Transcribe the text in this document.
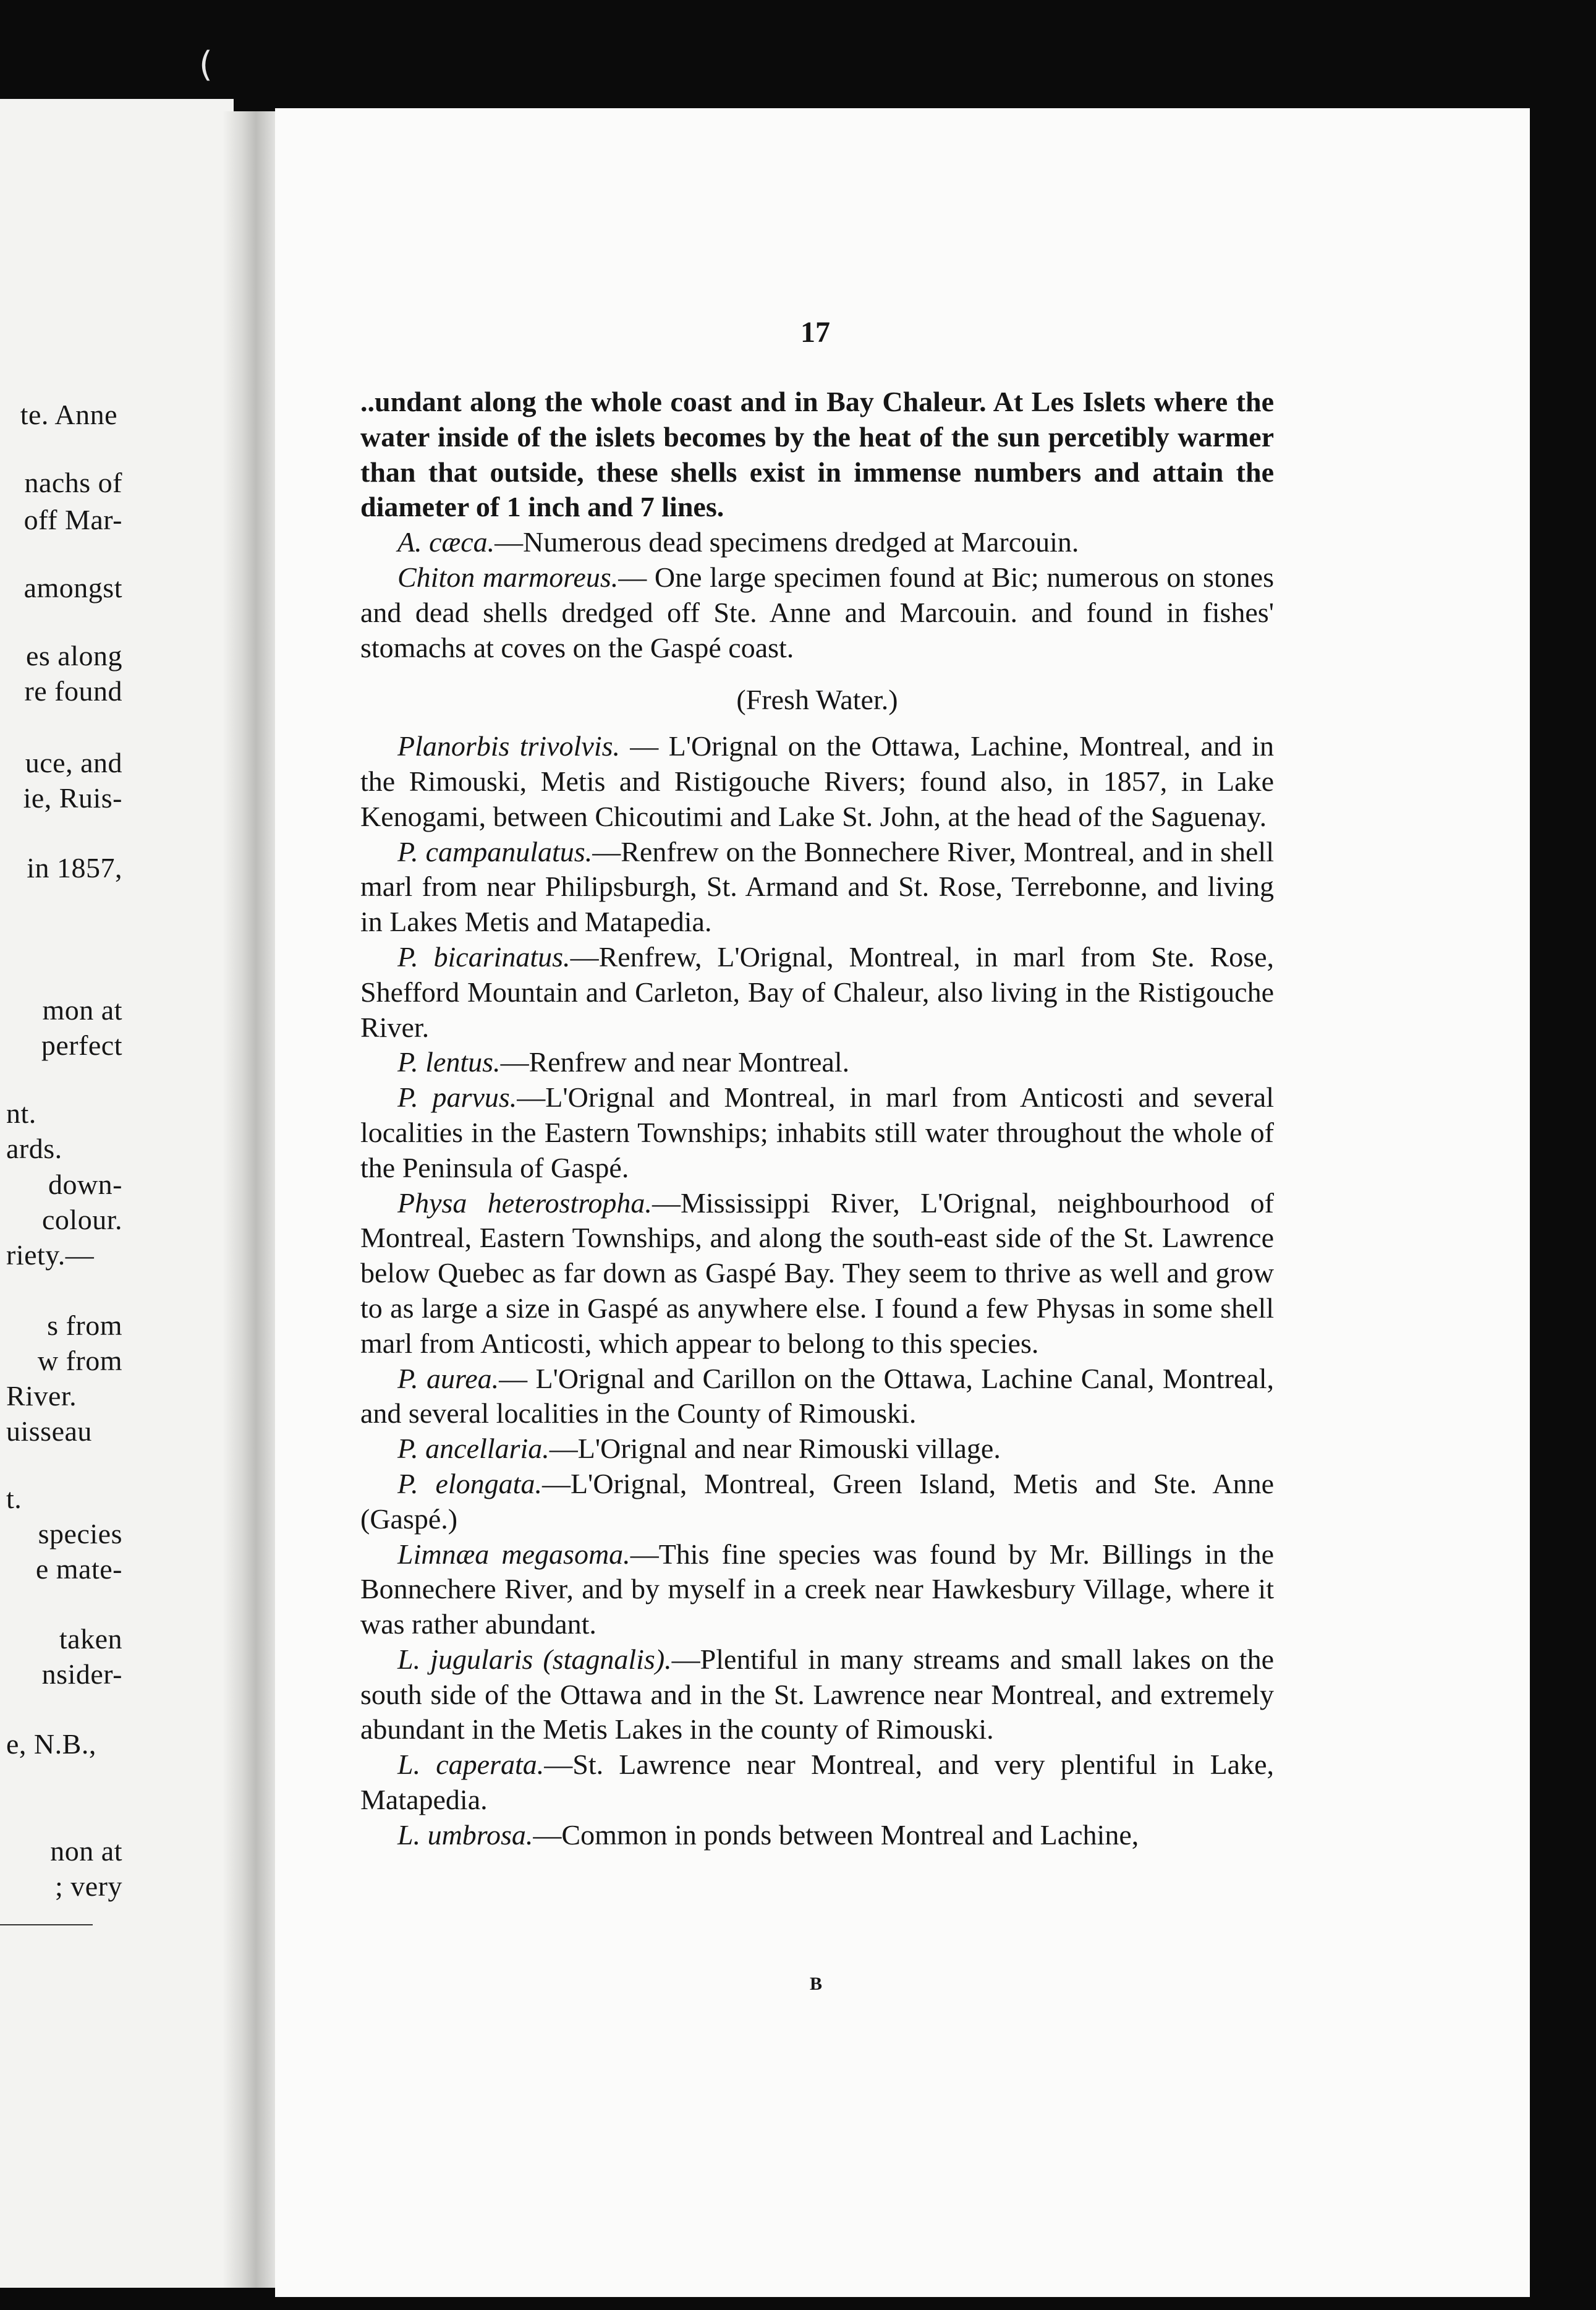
(
te. Anne
nachs of
off Mar-
amongst
es along
re found
uce, and
ie, Ruis-
in 1857,
mon at
perfect
nt.
ards.
down-
colour.
riety.—
s from
w from
River.
uisseau
t.
species
e mate-
taken
nsider-
e, N.B.,
non at
; very
17

..undant along the whole coast and in Bay Chaleur. At Les Islets where the water inside of the islets becomes by the heat of the sun percetibly warmer than that outside, these shells exist in immense numbers and attain the diameter of 1 inch and 7 lines.

A. cæca.—Numerous dead specimens dredged at Marcouin.

Chiton marmoreus.— One large specimen found at Bic; numerous on stones and dead shells dredged off Ste. Anne and Marcouin. and found in fishes' stomachs at coves on the Gaspé coast.

(Fresh Water.)

Planorbis trivolvis. — L'Orignal on the Ottawa, Lachine, Montreal, and in the Rimouski, Metis and Ristigouche Rivers; found also, in 1857, in Lake Kenogami, between Chicoutimi and Lake St. John, at the head of the Saguenay.

P. campanulatus.—Renfrew on the Bonnechere River, Montreal, and in shell marl from near Philipsburgh, St. Armand and St. Rose, Terrebonne, and living in Lakes Metis and Matapedia.

P. bicarinatus.—Renfrew, L'Orignal, Montreal, in marl from Ste. Rose, Shefford Mountain and Carleton, Bay of Chaleur, also living in the Ristigouche River.

P. lentus.—Renfrew and near Montreal.

P. parvus.—L'Orignal and Montreal, in marl from Anticosti and several localities in the Eastern Townships; inhabits still water throughout the whole of the Peninsula of Gaspé.

Physa heterostropha.—Mississippi River, L'Orignal, neighbourhood of Montreal, Eastern Townships, and along the south-east side of the St. Lawrence below Quebec as far down as Gaspé Bay. They seem to thrive as well and grow to as large a size in Gaspé as anywhere else. I found a few Physas in some shell marl from Anticosti, which appear to belong to this species.

P. aurea.— L'Orignal and Carillon on the Ottawa, Lachine Canal, Montreal, and several localities in the County of Rimouski.

P. ancellaria.—L'Orignal and near Rimouski village.

P. elongata.—L'Orignal, Montreal, Green Island, Metis and Ste. Anne (Gaspé.)

Limnæa megasoma.—This fine species was found by Mr. Billings in the Bonnechere River, and by myself in a creek near Hawkesbury Village, where it was rather abundant.

L. jugularis (stagnalis).—Plentiful in many streams and small lakes on the south side of the Ottawa and in the St. Lawrence near Montreal, and extremely abundant in the Metis Lakes in the county of Rimouski.

L. caperata.—St. Lawrence near Montreal, and very plentiful in Lake, Matapedia.

L. umbrosa.—Common in ponds between Montreal and Lachine,

B
